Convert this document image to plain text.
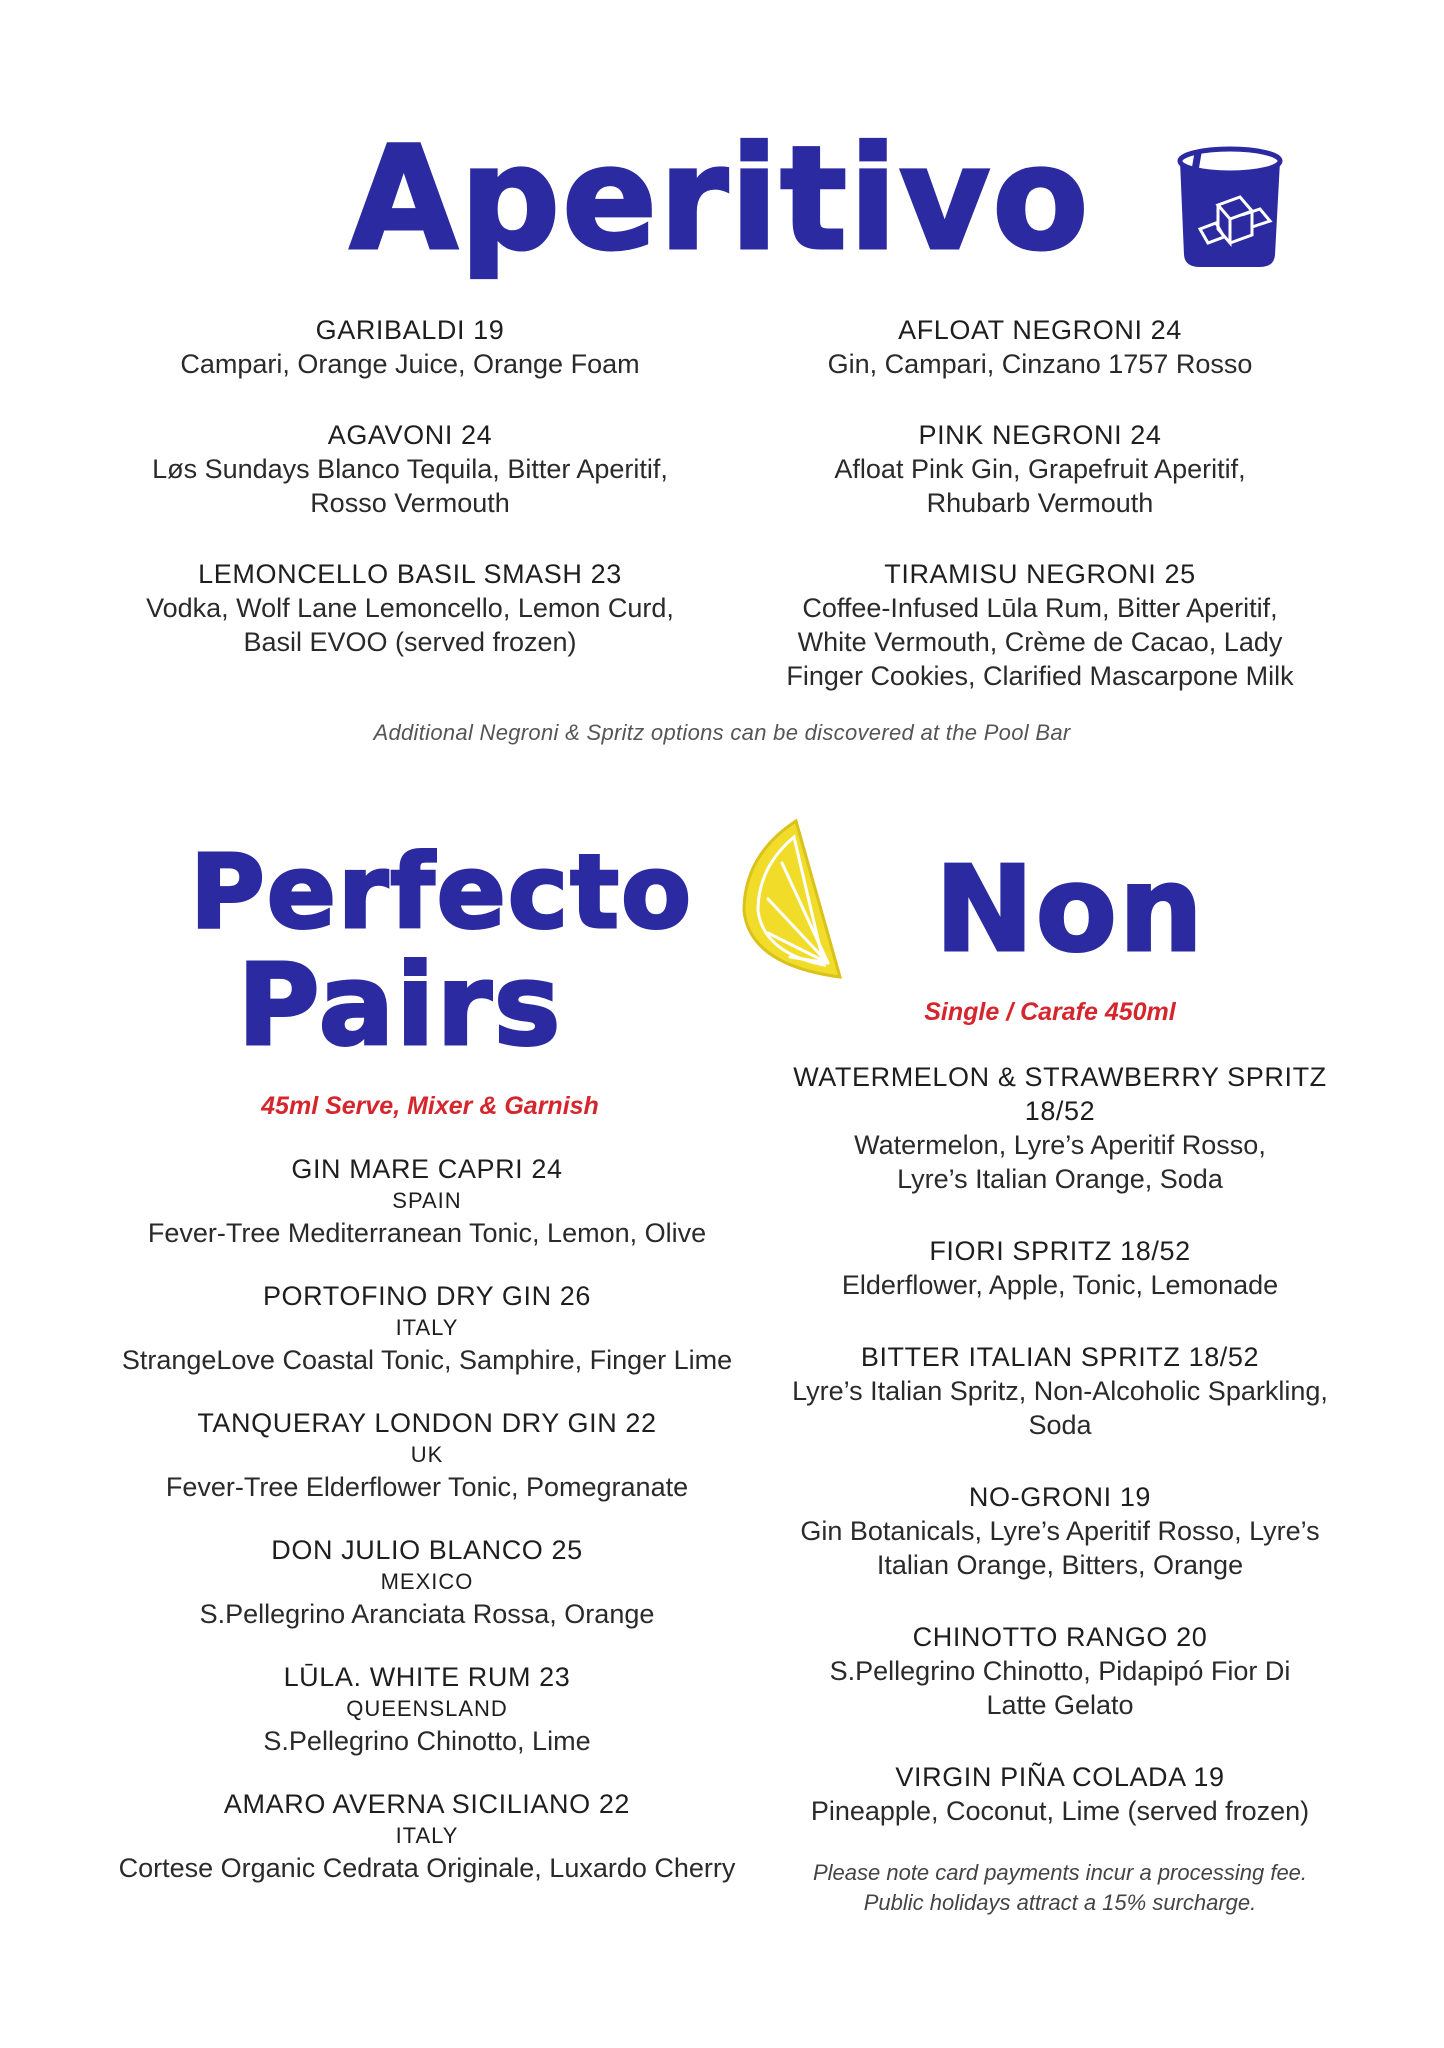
Aperitivo
GARIBALDI 19
Campari, Orange Juice, Orange Foam
AGAVONI 24
Løs Sundays Blanco Tequila, Bitter Aperitif,
Rosso Vermouth
LEMONCELLO BASIL SMASH 23
Vodka, Wolf Lane Lemoncello, Lemon Curd,
Basil EVOO (served frozen)
AFLOAT NEGRONI 24
Gin, Campari, Cinzano 1757 Rosso
PINK NEGRONI 24
Afloat Pink Gin, Grapefruit Aperitif,
Rhubarb Vermouth
TIRAMISU NEGRONI 25
Coffee-Infused Lūla Rum, Bitter Aperitif,
White Vermouth, Crème de Cacao, Lady
Finger Cookies, Clarified Mascarpone Milk
Additional Negroni & Spritz options can be discovered at the Pool Bar
Perfecto
Pairs
45ml Serve, Mixer & Garnish
GIN MARE CAPRI 24
SPAIN
Fever-Tree Mediterranean Tonic, Lemon, Olive
PORTOFINO DRY GIN 26
ITALY
StrangeLove Coastal Tonic, Samphire, Finger Lime
TANQUERAY LONDON DRY GIN 22
UK
Fever-Tree Elderflower Tonic, Pomegranate
DON JULIO BLANCO 25
MEXICO
S.Pellegrino Aranciata Rossa, Orange
LŪLA. WHITE RUM 23
QUEENSLAND
S.Pellegrino Chinotto, Lime
AMARO AVERNA SICILIANO 22
ITALY
Cortese Organic Cedrata Originale, Luxardo Cherry
Non
Single / Carafe 450ml
WATERMELON & STRAWBERRY SPRITZ 18/52
Watermelon, Lyre’s Aperitif Rosso,
Lyre’s Italian Orange, Soda
FIORI SPRITZ 18/52
Elderflower, Apple, Tonic, Lemonade
BITTER ITALIAN SPRITZ 18/52
Lyre’s Italian Spritz, Non-Alcoholic Sparkling,
Soda
NO-GRONI 19
Gin Botanicals, Lyre’s Aperitif Rosso, Lyre’s
Italian Orange, Bitters, Orange
CHINOTTO RANGO 20
S.Pellegrino Chinotto, Pidapipó Fior Di
Latte Gelato
VIRGIN PIÑA COLADA 19
Pineapple, Coconut, Lime (served frozen)
Please note card payments incur a processing fee.
Public holidays attract a 15% surcharge.
